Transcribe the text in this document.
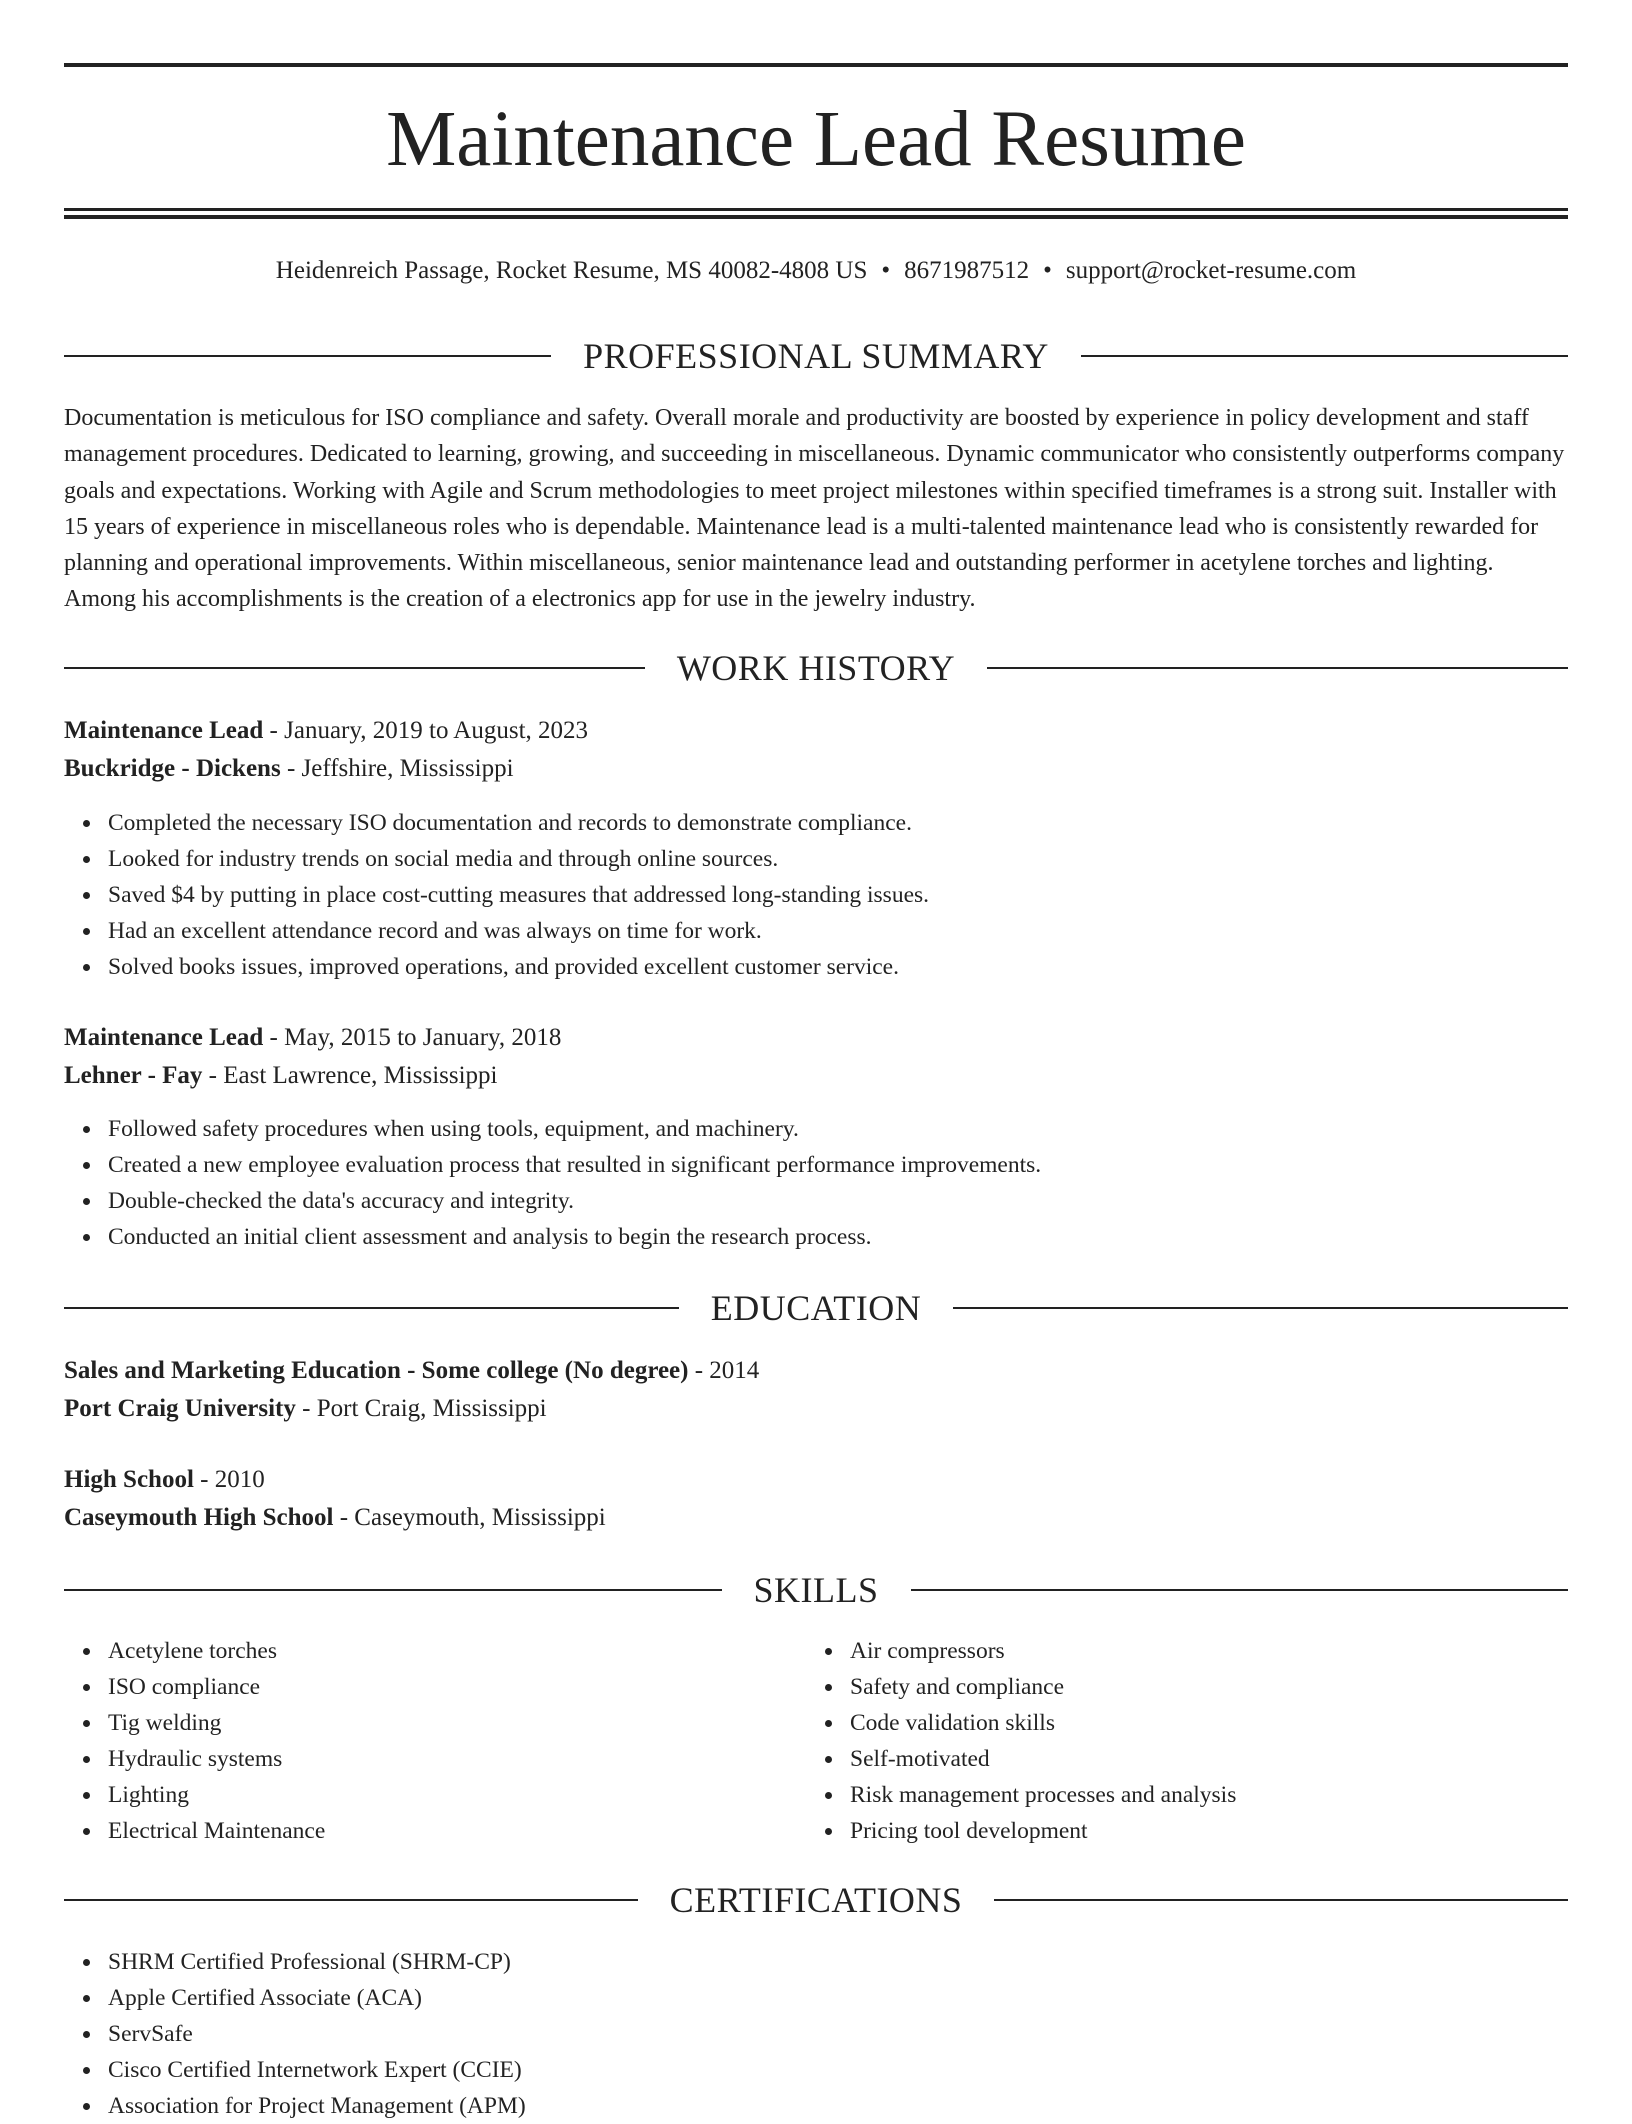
Maintenance Lead Resume
Heidenreich Passage, Rocket Resume, MS 40082-4808 US • 8671987512 • support@rocket-resume.com
PROFESSIONAL SUMMARY

Documentation is meticulous for ISO compliance and safety. Overall morale and productivity are boosted by experience in policy development and staff management procedures. Dedicated to learning, growing, and succeeding in miscellaneous. Dynamic communicator who consistently outperforms company goals and expectations. Working with Agile and Scrum methodologies to meet project milestones within specified timeframes is a strong suit. Installer with 15 years of experience in miscellaneous roles who is dependable. Maintenance lead is a multi-talented maintenance lead who is consistently rewarded for planning and operational improvements. Within miscellaneous, senior maintenance lead and outstanding performer in acetylene torches and lighting. Among his accomplishments is the creation of a electronics app for use in the jewelry industry.

WORK HISTORY
Maintenance Lead - January, 2019 to August, 2023
Buckridge - Dickens - Jeffshire, Mississippi
Completed the necessary ISO documentation and records to demonstrate compliance.
Looked for industry trends on social media and through online sources.
Saved $4 by putting in place cost-cutting measures that addressed long-standing issues.
Had an excellent attendance record and was always on time for work.
Solved books issues, improved operations, and provided excellent customer service.
Maintenance Lead - May, 2015 to January, 2018
Lehner - Fay - East Lawrence, Mississippi
Followed safety procedures when using tools, equipment, and machinery.
Created a new employee evaluation process that resulted in significant performance improvements.
Double-checked the data's accuracy and integrity.
Conducted an initial client assessment and analysis to begin the research process.
EDUCATION
Sales and Marketing Education - Some college (No degree) - 2014
Port Craig University - Port Craig, Mississippi
High School - 2010
Caseymouth High School - Caseymouth, Mississippi
SKILLS
Acetylene torches
ISO compliance
Tig welding
Hydraulic systems
Lighting
Electrical Maintenance
Air compressors
Safety and compliance
Code validation skills
Self-motivated
Risk management processes and analysis
Pricing tool development
CERTIFICATIONS
SHRM Certified Professional (SHRM-CP)
Apple Certified Associate (ACA)
ServSafe
Cisco Certified Internetwork Expert (CCIE)
Association for Project Management (APM)
